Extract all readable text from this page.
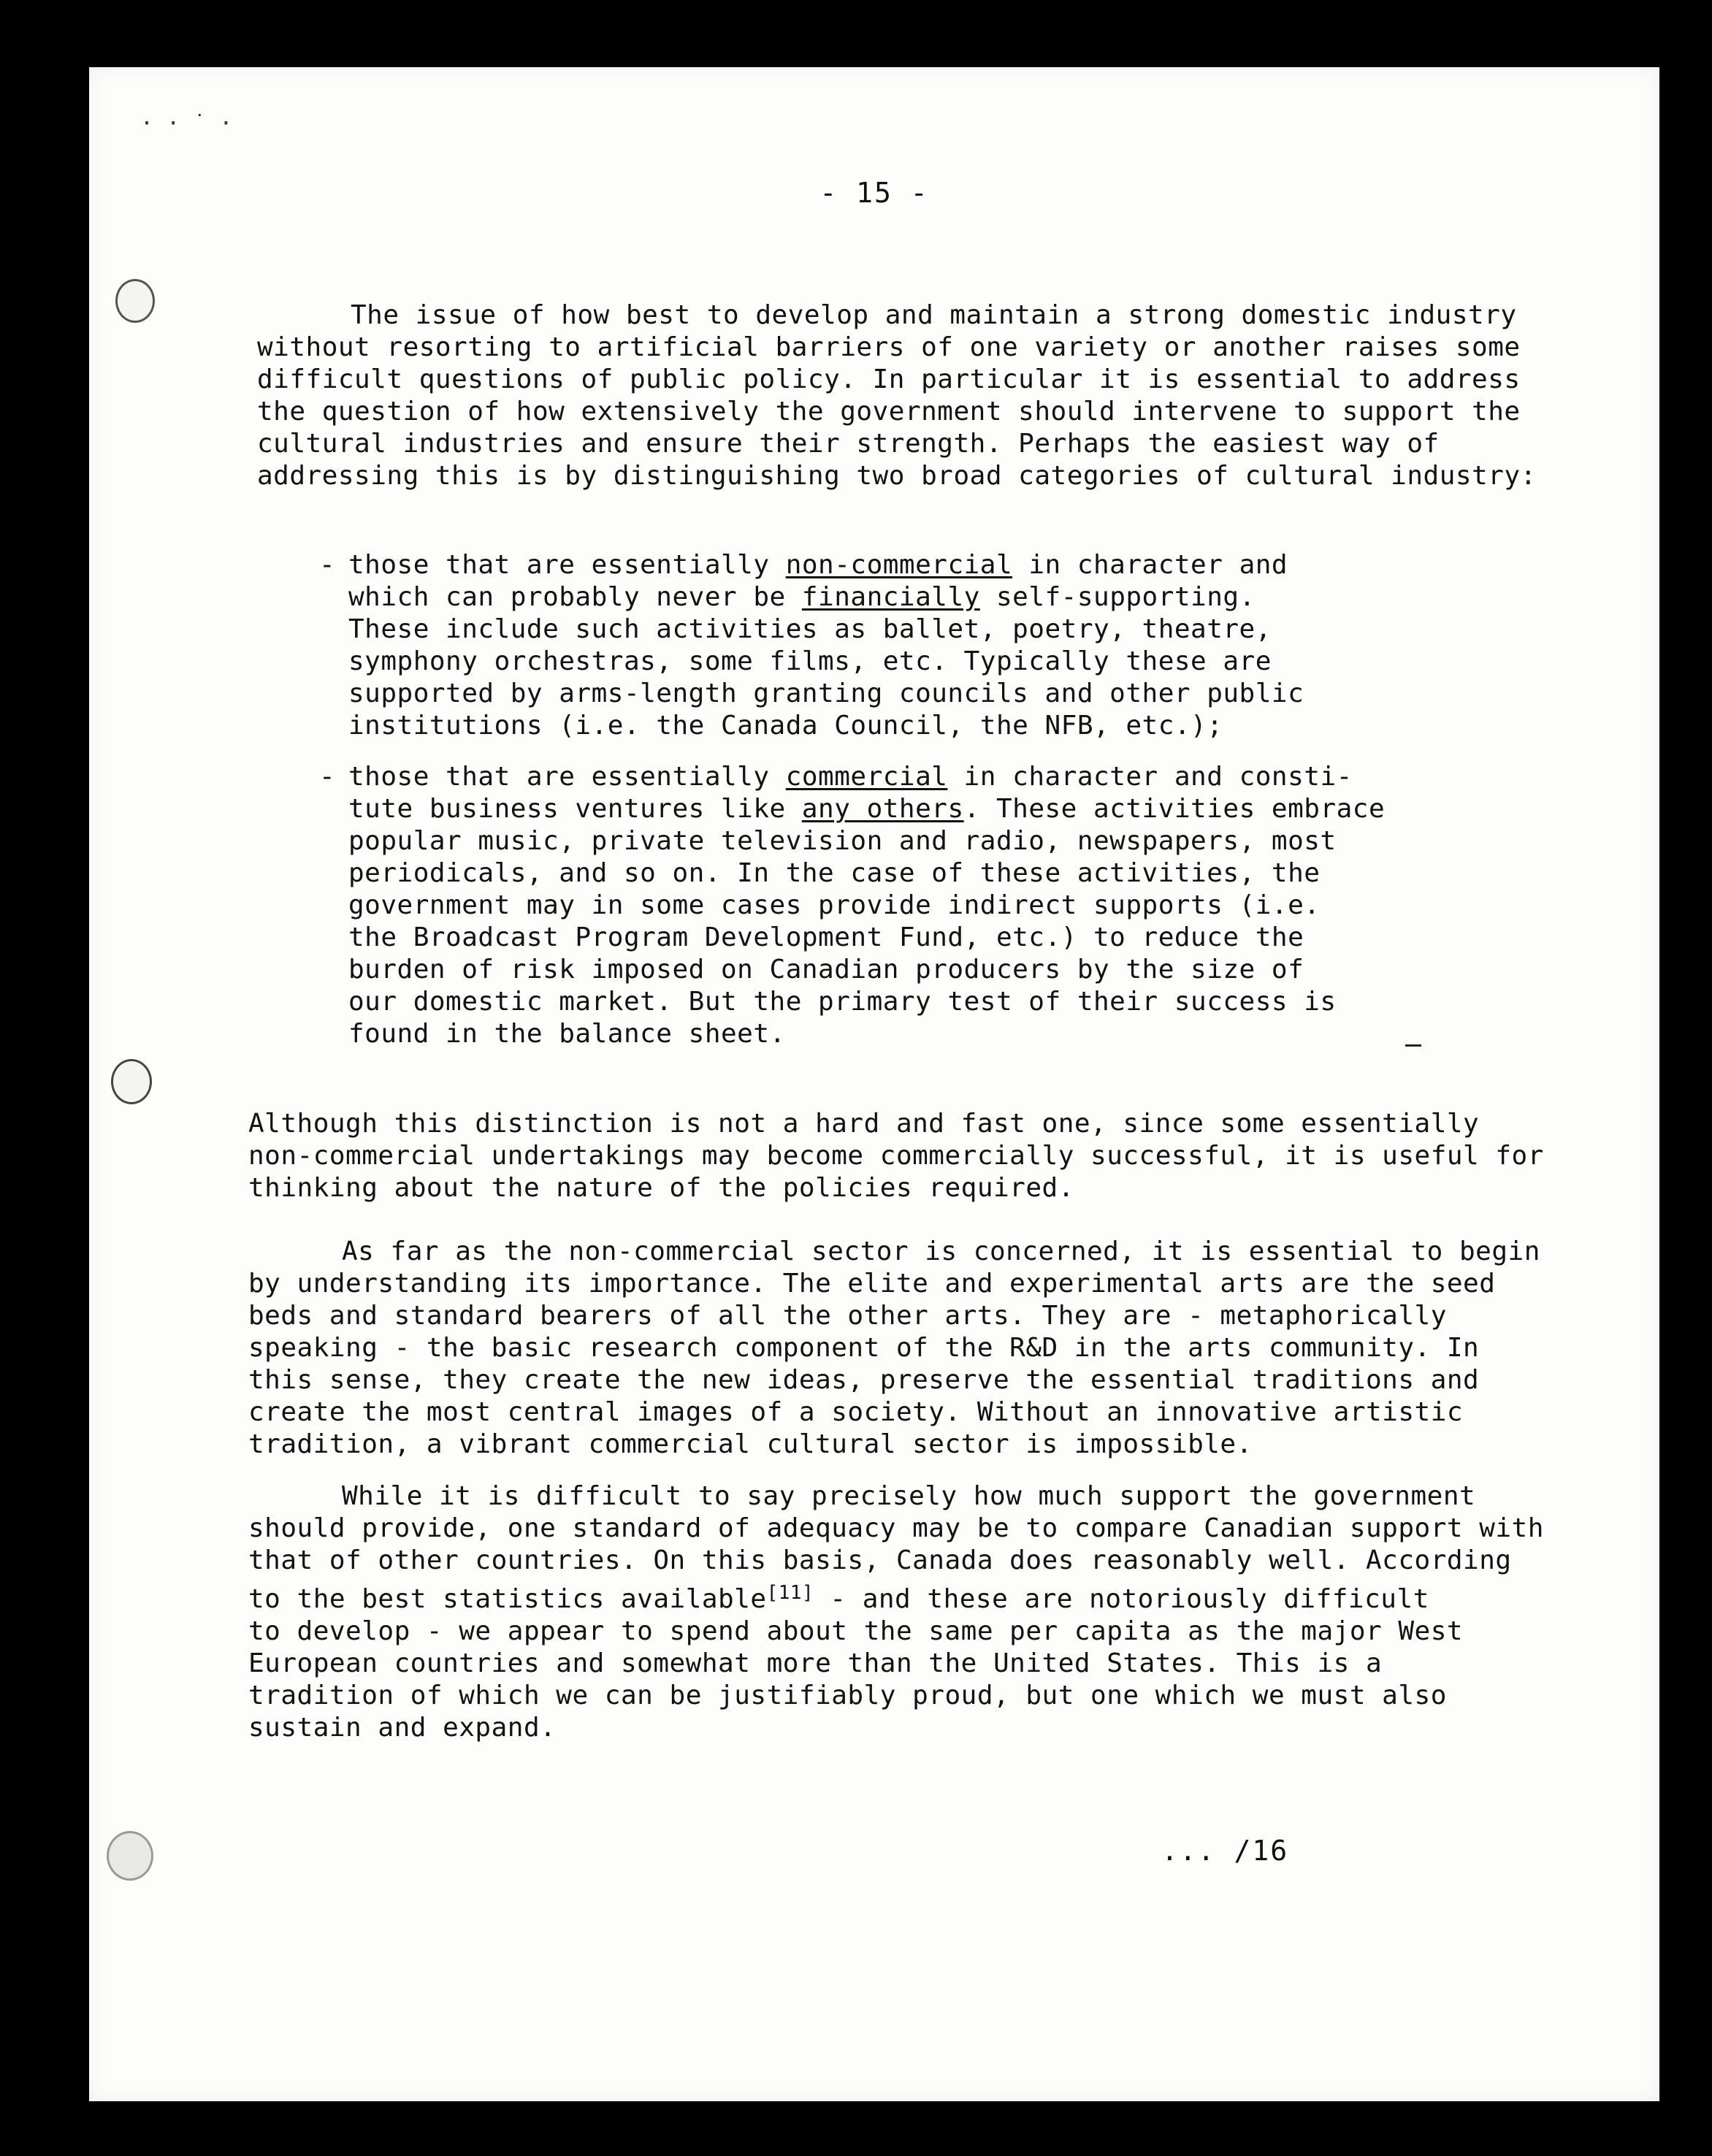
· · ˙ ·
- 15 -
The issue of how best to develop and maintain a strong domestic industry
without resorting to artificial barriers of one variety or another raises some
difficult questions of public policy. In particular it is essential to address
the question of how extensively the government should intervene to support the
cultural industries and ensure their strength. Perhaps the easiest way of
addressing this is by distinguishing two broad categories of cultural industry:
- those that are essentially non-commercial in character and
which can probably never be financially self-supporting.
These include such activities as ballet, poetry, theatre,
symphony orchestras, some films, etc. Typically these are
supported by arms-length granting councils and other public
institutions (i.e. the Canada Council, the NFB, etc.);
- those that are essentially commercial in character and consti-
tute business ventures like any others. These activities embrace
popular music, private television and radio, newspapers, most
periodicals, and so on. In the case of these activities, the
government may in some cases provide indirect supports (i.e.
the Broadcast Program Development Fund, etc.) to reduce the
burden of risk imposed on Canadian producers by the size of
our domestic market. But the primary test of their success is
found in the balance sheet.
Although this distinction is not a hard and fast one, since some essentially
non-commercial undertakings may become commercially successful, it is useful for
thinking about the nature of the policies required.
As far as the non-commercial sector is concerned, it is essential to begin
by understanding its importance. The elite and experimental arts are the seed
beds and standard bearers of all the other arts. They are - metaphorically
speaking - the basic research component of the R&D in the arts community. In
this sense, they create the new ideas, preserve the essential traditions and
create the most central images of a society. Without an innovative artistic
tradition, a vibrant commercial cultural sector is impossible.
While it is difficult to say precisely how much support the government
should provide, one standard of adequacy may be to compare Canadian support with
that of other countries. On this basis, Canada does reasonably well. According
to the best statistics available[11] - and these are notoriously difficult
to develop - we appear to spend about the same per capita as the major West
European countries and somewhat more than the United States. This is a
tradition of which we can be justifiably proud, but one which we must also
sustain and expand.
... /16
